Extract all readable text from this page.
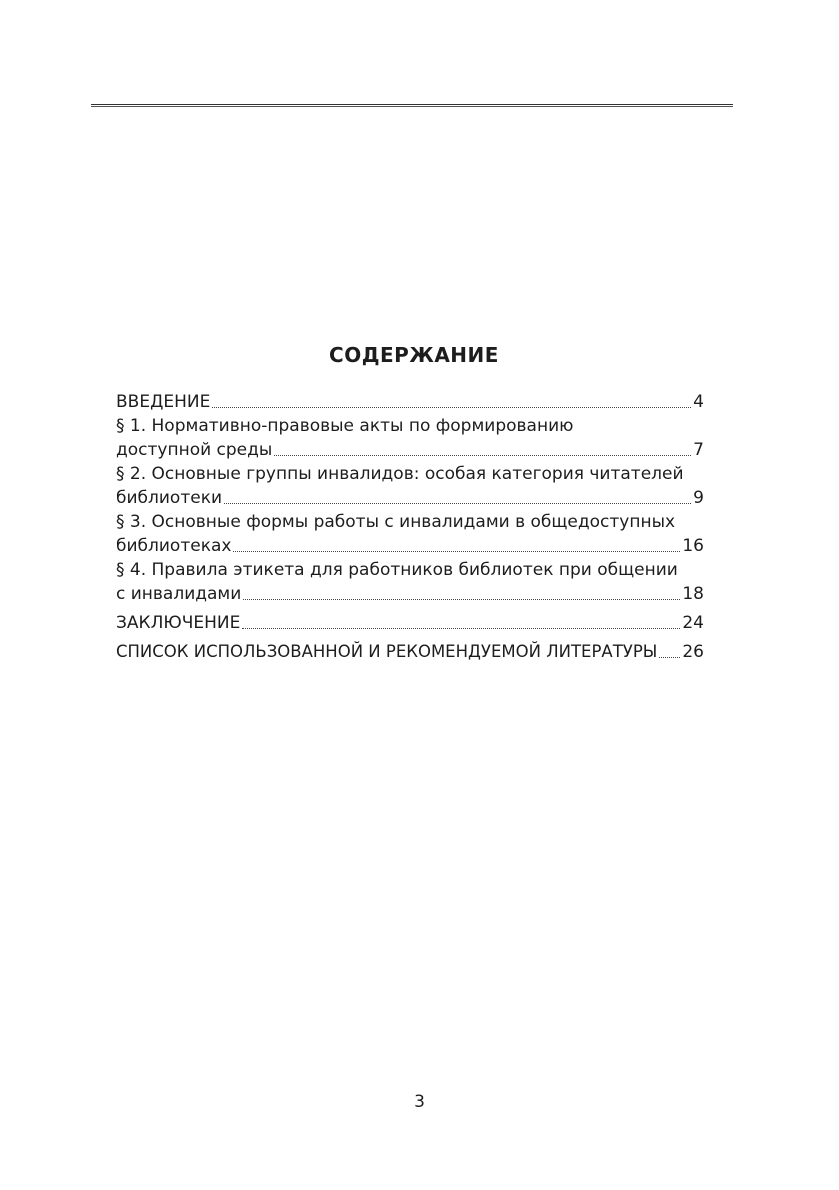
СОДЕРЖАНИЕ
ВВЕДЕНИЕ	4
§ 1. Нормативно-правовые акты по формированию
доступной среды	7
§ 2. Основные группы инвалидов: особая категория читателей
библиотеки	9
§ 3. Основные формы работы с инвалидами в общедоступных
библиотеках	16
§ 4. Правила этикета для работников библиотек при общении
с инвалидами	18
ЗАКЛЮЧЕНИЕ	24
СПИСОК ИСПОЛЬЗОВАННОЙ И РЕКОМЕНДУЕМОЙ ЛИТЕРАТУРЫ 26
3
